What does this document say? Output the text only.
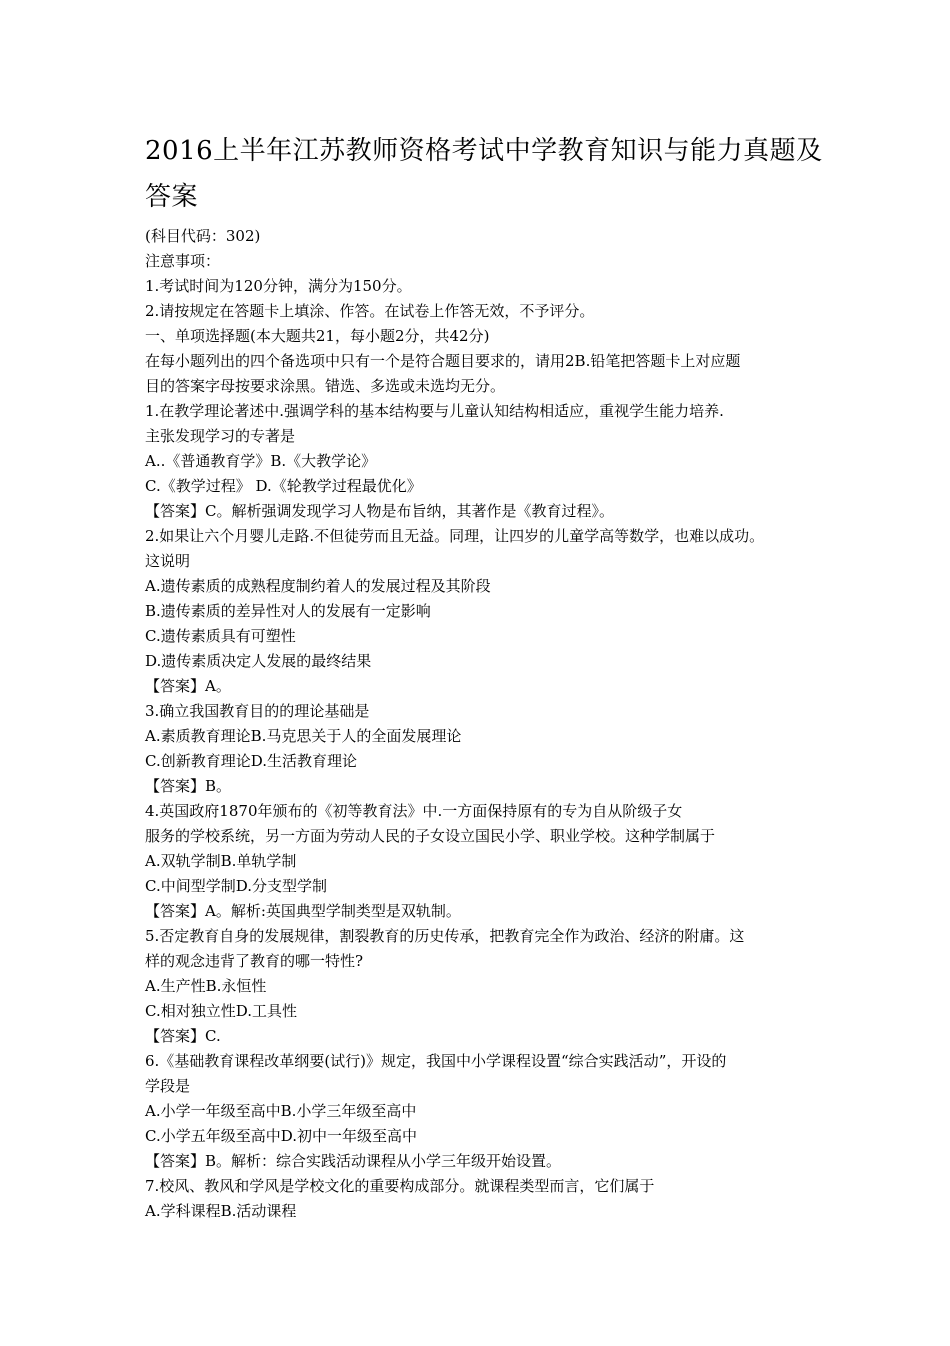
2016上半年江苏教师资格考试中学教育知识与能力真题及
答案
(科目代码：302)
注意事项：
1.考试时间为120分钟，满分为150分。
2.请按规定在答题卡上填涂、作答。在试卷上作答无效，不予评分。
一、单项选择题(本大题共21，每小题2分，共42分)
在每小题列出的四个备选项中只有一个是符合题目要求的，请用2B.铅笔把答题卡上对应题
目的答案字母按要求涂黑。错选、多选或未选均无分。
1.在教学理论著述中.强调学科的基本结构要与儿童认知结构相适应，重视学生能力培养.
主张发现学习的专著是
A..《普通教育学》B.《大教学论》
C.《教学过程》 D.《轮教学过程最优化》
【答案】C。解析强调发现学习人物是布旨纳，其著作是《教育过程》。
2.如果让六个月婴儿走路.不但徒劳而且无益。同理，让四岁的儿童学高等数学，也难以成功。
这说明
A.遗传素质的成熟程度制约着人的发展过程及其阶段
B.遗传素质的差异性对人的发展有一定影响
C.遗传素质具有可塑性
D.遗传素质决定人发展的最终结果
【答案】A。
3.确立我国教育目的的理论基础是
A.素质教育理论B.马克思关于人的全面发展理论
C.创新教育理论D.生活教育理论
【答案】B。
4.英国政府1870年颁布的《初等教育法》中.一方面保持原有的专为自从阶级子女
服务的学校系统，另一方面为劳动人民的子女设立国民小学、职业学校。这种学制属于
A.双轨学制B.单轨学制
C.中间型学制D.分支型学制
【答案】A。解析:英国典型学制类型是双轨制。
5.否定教育自身的发展规律，割裂教育的历史传承，把教育完全作为政治、经济的附庸。这
样的观念违背了教育的哪一特性?
A.生产性B.永恒性
C.相对独立性D.工具性
【答案】C.
6.《基础教育课程改革纲要(试行)》规定，我国中小学课程设置“综合实践活动”，开设的
学段是
A.小学一年级至高中B.小学三年级至高中
C.小学五年级至高中D.初中一年级至高中
【答案】B。解析：综合实践活动课程从小学三年级开始设置。
7.校风、教风和学风是学校文化的重要构成部分。就课程类型而言，它们属于
A.学科课程B.活动课程
